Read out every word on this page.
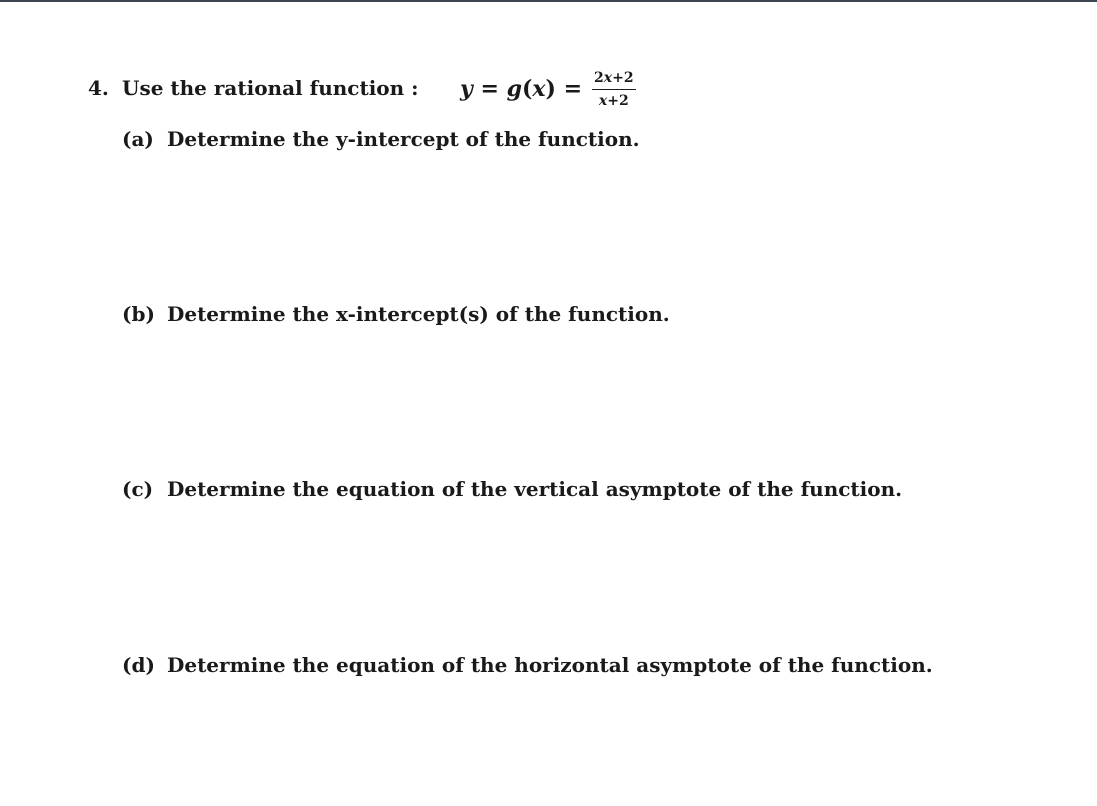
4. Use the rational function : $y = g(x) = \frac{2x+2}{x+2}$
(a) Determine the y-intercept of the function.
(b) Determine the x-intercept(s) of the function.
(c) Determine the equation of the vertical asymptote of the function.
(d) Determine the equation of the horizontal asymptote of the function.
